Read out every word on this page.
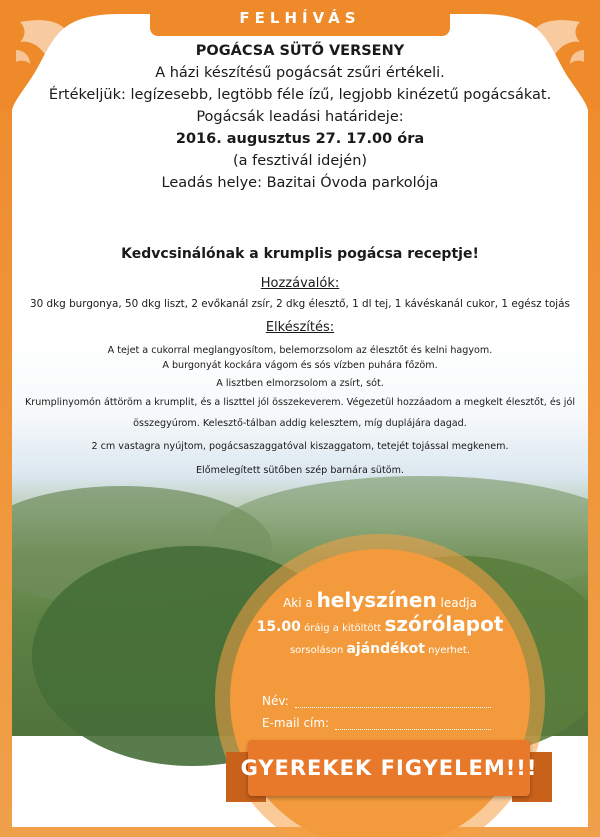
FELHÍVÁS
POGÁCSA SÜTŐ VERSENY
A házi készítésű pogácsát zsűri értékeli.
Értékeljük: legízesebb, legtöbb féle ízű, legjobb kinézetű pogácsákat.
Pogácsák leadási határideje:
2016. augusztus 27. 17.00 óra
(a fesztivál idején)
Leadás helye: Bazitai Óvoda parkolója
Kedvcsinálónak a krumplis pogácsa receptje!
Hozzávalók:
30 dkg burgonya, 50 dkg liszt, 2 evőkanál zsír, 2 dkg élesztő, 1 dl tej, 1 kávéskanál cukor, 1 egész tojás
Elkészítés:
A tejet a cukorral meglangyosítom, belemorzsolom az élesztőt és kelni hagyom.
A burgonyát kockára vágom és sós vízben puhára főzöm.
A lisztben elmorzsolom a zsírt, sót.
Krumplinyomón áttöröm a krumplit, és a liszttel jól összekeverem. Végezetül hozzáadom a megkelt élesztőt, és jól
összegyúrom. Kelesztő-tálban addig kelesztem, míg duplájára dagad.
2 cm vastagra nyújtom, pogácsaszaggatóval kiszaggatom, tetejét tojással megkenem.
Előmelegített sütőben szép barnára sütöm.
Aki a helyszínen leadja
15.00 óráig a kitöltött szórólapot
sorsoláson ajándékot nyerhet.
Név:
E-mail cím:
GYEREKEK FIGYELEM!!!
